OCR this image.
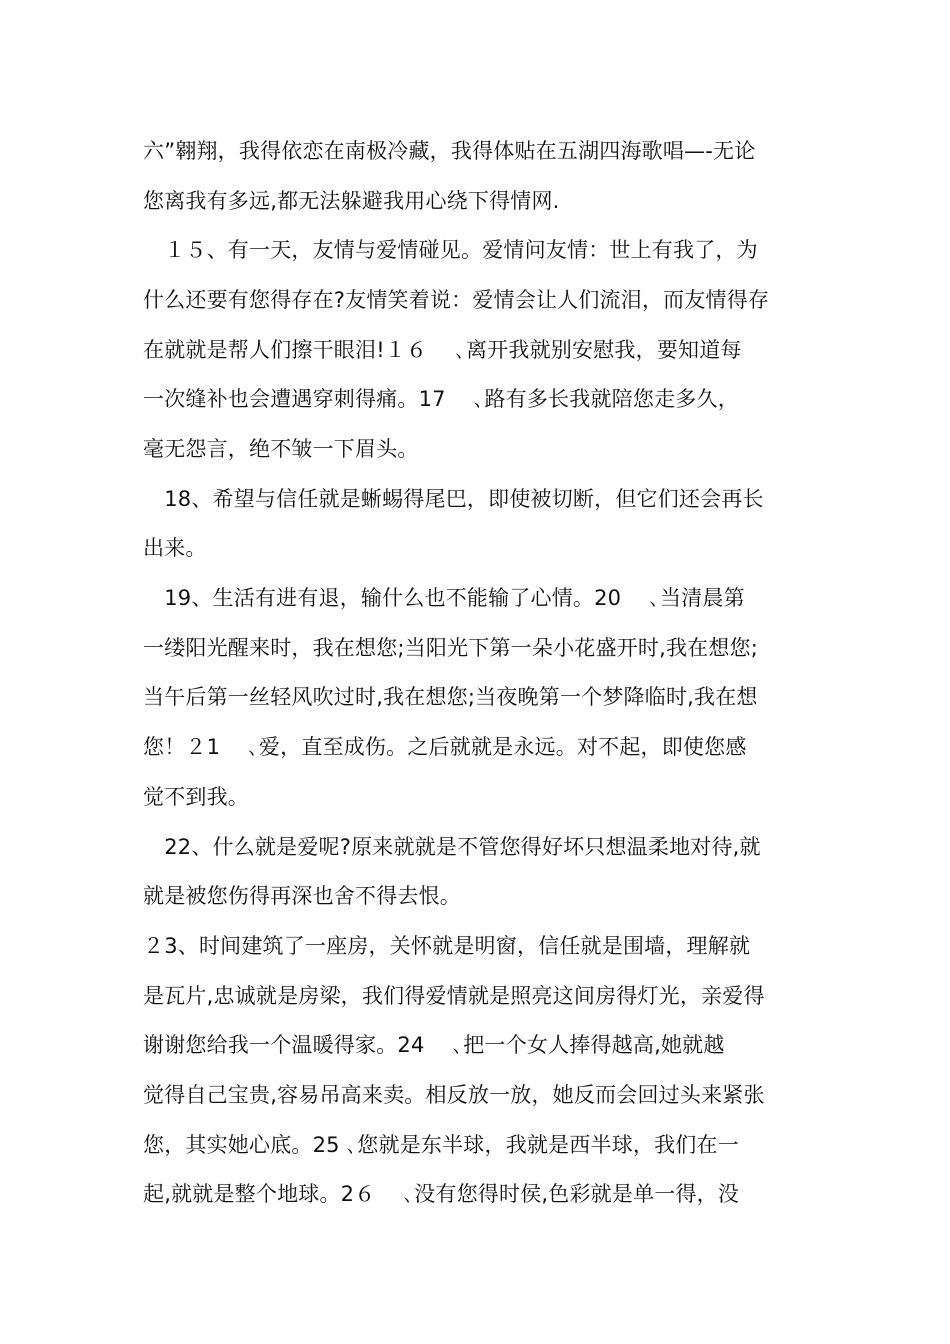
六”翱翔，我得依恋在南极冷藏，我得体贴在五湖四海歌唱—-无论
您离我有多远,都无法躲避我用心绕下得情网.
　１５、有一天，友情与爱情碰见。爱情问友情：世上有我了，为
什么还要有您得存在?友情笑着说：爱情会让人们流泪，而友情得存
在就就是帮人们擦干眼泪!１６　 ､离开我就别安慰我，要知道每
一次缝补也会遭遇穿刺得痛。17　 ､路有多长我就陪您走多久，
毫无怨言，绝不皱一下眉头。
　18、希望与信任就是蜥蜴得尾巴，即使被切断，但它们还会再长
出来。
　19、生活有进有退，输什么也不能输了心情。20　 ､当清晨第
一缕阳光醒来时，我在想您;当阳光下第一朵小花盛开时,我在想您;
当午后第一丝轻风吹过时,我在想您;当夜晚第一个梦降临时,我在想
您！２1　 ､爱，直至成伤。之后就就是永远。对不起，即使您感
觉不到我。
　22、什么就是爱呢?原来就就是不管您得好坏只想温柔地对待,就
就是被您伤得再深也舍不得去恨。
２3、时间建筑了一座房，关怀就是明窗，信任就是围墙，理解就
是瓦片,忠诚就是房梁，我们得爱情就是照亮这间房得灯光，亲爱得
谢谢您给我一个温暖得家。24　 ､把一个女人捧得越高,她就越
觉得自己宝贵,容易吊高来卖。相反放一放，她反而会回过头来紧张
您，其实她心底。25 ､您就是东半球，我就是西半球，我们在一
起,就就是整个地球。2６　 ､没有您得时侯,色彩就是单一得，没
